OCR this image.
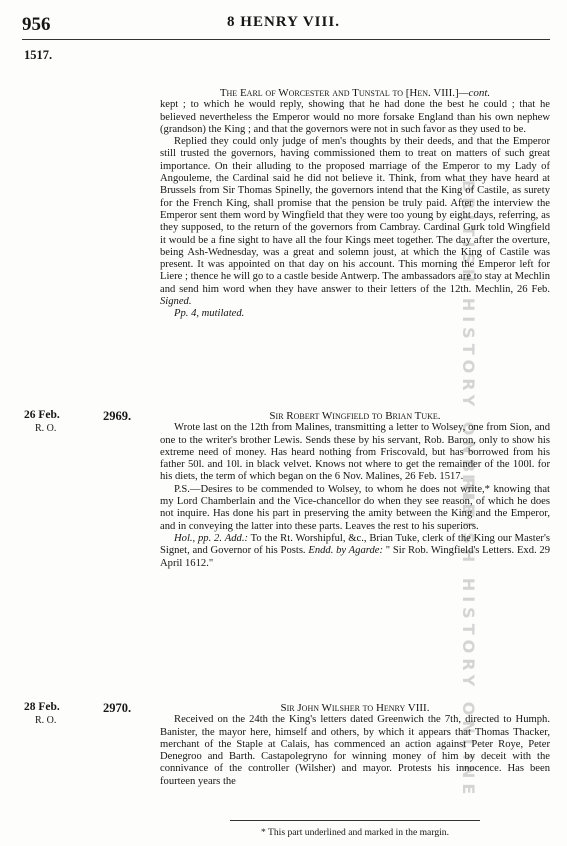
956	8 HENRY VIII.
1517.
BRITISH HISTORY ONLINE
BRITISH HISTORY ONLINE

The Earl of Worcester and Tunstal to [Hen. VIII.]—cont.

kept ; to which he would reply, showing that he had done the best he could ; that he believed nevertheless the Emperor would no more forsake England than his own nephew (grandson) the King ; and that the governors were not in such favor as they used to be.

Replied they could only judge of men's thoughts by their deeds, and that the Emperor still trusted the governors, having commissioned them to treat on matters of such great importance. On their alluding to the proposed marriage of the Emperor to my Lady of Angouleme, the Cardinal said he did not believe it. Think, from what they have heard at Brussels from Sir Thomas Spinelly, the governors intend that the King of Castile, as surety for the French King, shall promise that the pension be truly paid. After the interview the Emperor sent them word by Wingfield that they were too young by eight days, referring, as they supposed, to the return of the governors from Cambray. Cardinal Gurk told Wingfield it would be a fine sight to have all the four Kings meet together. The day after the overture, being Ash-Wednesday, was a great and solemn joust, at which the King of Castile was present. It was appointed on that day on his account. This morning the Emperor left for Liere ; thence he will go to a castle beside Antwerp. The ambassadors are to stay at Mechlin and send him word when they have answer to their letters of the 12th. Mechlin, 26 Feb. Signed.

Pp. 4, mutilated.

26 Feb.
R. O.
2969.	Sir Robert Wingfield to Brian Tuke.

Wrote last on the 12th from Malines, transmitting a letter to Wolsey, one from Sion, and one to the writer's brother Lewis. Sends these by his servant, Rob. Baron, only to show his extreme need of money. Has heard nothing from Friscovald, but has borrowed from his father 50l. and 10l. in black velvet. Knows not where to get the remainder of the 100l. for his diets, the term of which began on the 6 Nov. Malines, 26 Feb. 1517.

P.S.—Desires to be commended to Wolsey, to whom he does not write,* knowing that my Lord Chamberlain and the Vice-chancellor do when they see reason, of which he does not inquire. Has done his part in preserving the amity between the King and the Emperor, and in conveying the latter into these parts. Leaves the rest to his superiors.

Hol., pp. 2. Add.: To the Rt. Worshipful, &c., Brian Tuke, clerk of the King our Master's Signet, and Governor of his Posts. Endd. by Agarde: " Sir Rob. Wingfield's Letters. Exd. 29 April 1612."

28 Feb.
R. O.
2970.	Sir John Wilsher to Henry VIII.

Received on the 24th the King's letters dated Greenwich the 7th, directed to Humph. Banister, the mayor here, himself and others, by which it appears that Thomas Thacker, merchant of the Staple at Calais, has commenced an action against Peter Roye, Peter Denegroo and Barth. Castapolegryno for winning money of him by deceit with the connivance of the controller (Wilsher) and mayor. Protests his innocence. Has been fourteen years the

* This part underlined and marked in the margin.
